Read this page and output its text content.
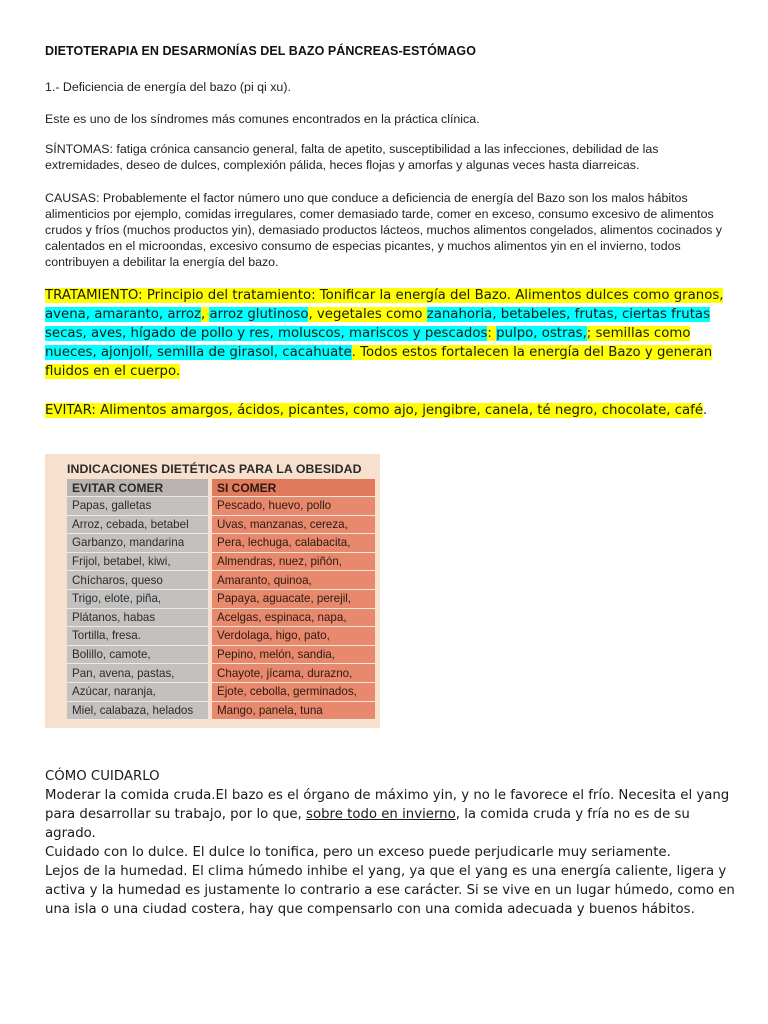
DIETOTERAPIA EN DESARMONÍAS DEL BAZO PÁNCREAS-ESTÓMAGO
1.- Deficiencia de energía del bazo (pi qi xu).
Este es uno de los síndromes más comunes encontrados en la práctica clínica.
SÍNTOMAS: fatiga crónica cansancio general, falta de apetito, susceptibilidad a las infecciones, debilidad de las extremidades, deseo de dulces, complexión pálida, heces flojas y amorfas y algunas veces hasta diarreicas.
CAUSAS: Probablemente el factor número uno que conduce a deficiencia de energía del Bazo son los malos hábitos alimenticios por ejemplo, comidas irregulares, comer demasiado tarde, comer en exceso, consumo excesivo de alimentos crudos y fríos (muchos productos yin), demasiado productos lácteos, muchos alimentos congelados, alimentos cocinados y calentados en el microondas, excesivo consumo de especias picantes, y muchos alimentos yin en el invierno, todos contribuyen a debilitar la energía del bazo.
TRATAMIENTO: Principio del tratamiento: Tonificar la energía del Bazo. Alimentos dulces como granos, avena, amaranto, arroz, arroz glutinoso, vegetales como zanahoria, betabeles, frutas, ciertas frutas secas, aves, hígado de pollo y res, moluscos, mariscos y pescados: pulpo, ostras,; semillas como nueces, ajonjolí, semilla de girasol, cacahuate. Todos estos fortalecen la energía del Bazo y generan fluidos en el cuerpo.
EVITAR: Alimentos amargos, ácidos, picantes, como ajo, jengibre, canela, té negro, chocolate, café.
INDICACIONES DIETÉTICAS PARA LA OBESIDAD
EVITAR COMER	SI COMER
Papas, galletas	Pescado, huevo, pollo
Arroz, cebada, betabel	Uvas, manzanas, cereza,
Garbanzo, mandarina	Pera, lechuga, calabacita,
Frijol, betabel, kiwi,	Almendras, nuez, piñón,
Chícharos, queso	Amaranto, quinoa,
Trigo, elote, piña,	Papaya, aguacate, perejil,
Plátanos, habas	Acelgas, espinaca, napa,
Tortilla, fresa.	Verdolaga, higo, pato,
Bolillo, camote,	Pepino, melón, sandia,
Pan, avena, pastas,	Chayote, jícama, durazno,
Azúcar, naranja,	Ejote, cebolla, germinados,
Miel, calabaza, helados	Mango, panela, tuna

CÓMO CUIDARLO

Moderar la comida cruda.El bazo es el órgano de máximo yin, y no le favorece el frío. Necesita el yang para desarrollar su trabajo, por lo que, sobre todo en invierno, la comida cruda y fría no es de su agrado.

Cuidado con lo dulce. El dulce lo tonifica, pero un exceso puede perjudicarle muy seriamente.

Lejos de la humedad. El clima húmedo inhibe el yang, ya que el yang es una energía caliente, ligera y activa y la humedad es justamente lo contrario a ese carácter. Si se vive en un lugar húmedo, como en una isla o una ciudad costera, hay que compensarlo con una comida adecuada y buenos hábitos.
